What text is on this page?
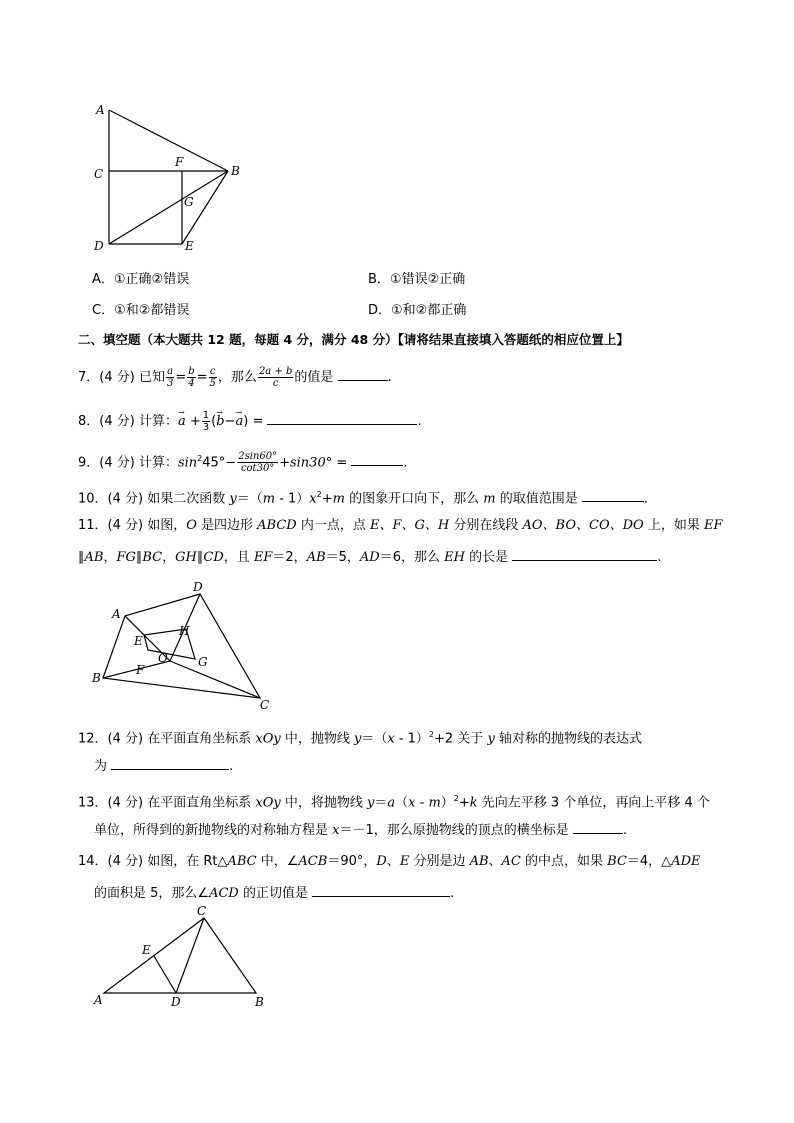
A
C
F
B
G
D	E
A．①正确②错误	B．①错误②正确
C．①和②都错误	D．①和②都正确
二、填空题（本大题共 12 题，每题 4 分，满分 48 分）【请将结果直接填入答题纸的相应位置上】
7．(4 分) 已知 $\frac{a}{3} = \frac{b}{4} = \frac{c}{5}$ ，那么 $\frac{2a + b}{c}$ 的值是	.
8．(4 分) 计算：→ $a + \frac{1}{3}$ (→ b−→ a) =	.
9．(4 分) 计算：$\sin^245^\circ- \frac{2\sin 60^\circ}{\cot 30^\circ} +\sin 30^\circ$ =	.
10．(4 分) 如果二次函数 $y=(m - 1)x^2+m$ 的图象开口向下，那么 m 的取值范围是	.
11．(4 分) 如图，O 是四边形 ABCD 内一点，点 E、F、G、H 分别在线段 AO、BO、CO、DO 上，如果 EF
∥AB，FG∥BC，GH∥CD，且 EF＝2，AB＝5，AD＝6，那么 EH 的长是	.
D
A
H
E
O	G
F
B
C
12．(4 分) 在平面直角坐标系 xOy 中，抛物线 y＝（x - 1）$^2$+2 关于 y 轴对称的抛物线的表达式
为	.
13．(4 分) 在平面直角坐标系 xOy 中，将抛物线 y＝a（x - m）$^2$+k 先向左平移 3 个单位，再向上平移 4 个
单位，所得到的新抛物线的对称轴方程是 x＝－1，那么原抛物线的顶点的横坐标是	.
14．(4 分) 如图，在 Rt△ABC 中，∠ACB＝90°，D、E 分别是边 AB、AC 的中点，如果 BC＝4，△ADE
的面积是 5，那么∠ACD 的正切值是	.
C
E
A	D	B
